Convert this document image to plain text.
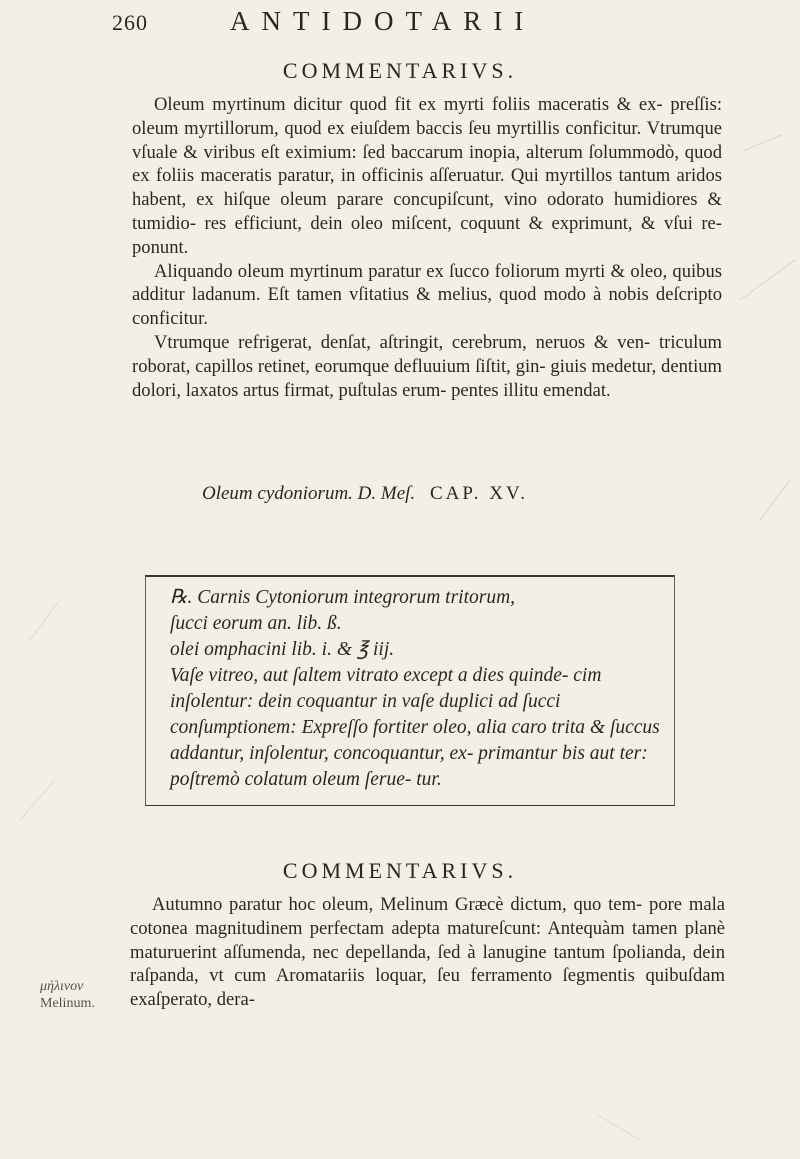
260	ANTIDOTARII
COMMENTARIVS.

Oleum myrtinum dicitur quod fit ex myrti foliis maceratis & ex- preſſis: oleum myrtillorum, quod ex eiuſdem baccis ſeu myrtillis conficitur. Vtrumque vſuale & viribus eſt eximium: ſed baccarum inopia, alterum ſolummodò, quod ex foliis maceratis paratur, in officinis aſſeruatur. Qui myrtillos tantum aridos habent, ex hiſque oleum parare concupiſcunt, vino odorato humidiores & tumidio- res efficiunt, dein oleo miſcent, coquunt & exprimunt, & vſui re- ponunt.

Aliquando oleum myrtinum paratur ex ſucco foliorum myrti & oleo, quibus additur ladanum. Eſt tamen vſitatius & melius, quod modo à nobis deſcripto conficitur.

Vtrumque refrigerat, denſat, aſtringit, cerebrum, neruos & ven- triculum roborat, capillos retinet, eorumque defluuium ſiſtit, gin- giuis medetur, dentium dolori, laxatos artus firmat, puſtulas erum- pentes illitu emendat.

Oleum cydoniorum. D. Meſ. CAP. XV.

℞. Carnis Cytoniorum integrorum tritorum,

ſucci eorum an. lib. ß.

olei omphacini lib. i. & ℥ iij.

Vaſe vitreo, aut ſaltem vitrato except a dies quinde- cim inſolentur: dein coquantur in vaſe duplici ad ſucci conſumptionem: Expreſſo fortiter oleo, alia caro trita & ſuccus addantur, inſolentur, concoquantur, ex- primantur bis aut ter: poſtremò colatum oleum ſerue- tur.

COMMENTARIVS.

Autumno paratur hoc oleum, Melinum Græcè dictum, quo tem- pore mala cotonea magnitudinem perfectam adepta matureſcunt: Antequàm tamen planè maturuerint aſſumenda, nec depellanda, ſed à lanugine tantum ſpolianda, dein raſpanda, vt cum Aromatariis loquar, ſeu ferramento ſegmentis quibuſdam exaſperato, dera-

μήλινον
Melinum.
